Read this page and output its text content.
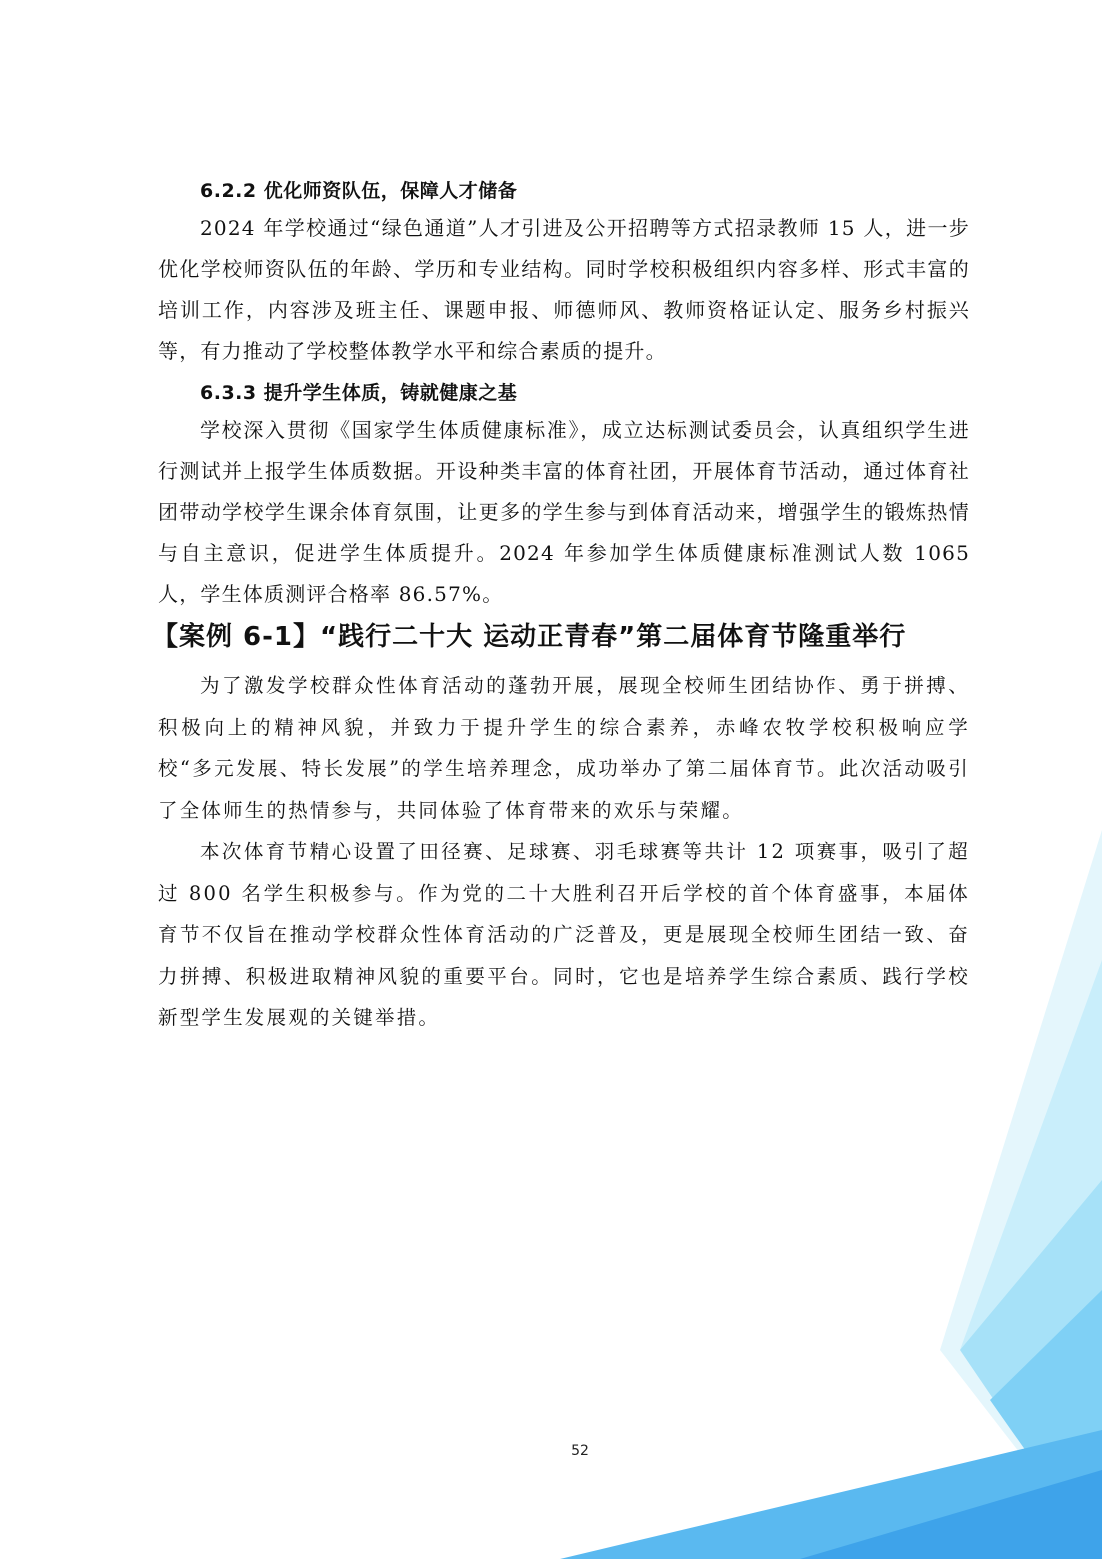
6.2.2 优化师资队伍，保障人才储备

2024 年学校通过“绿色通道”人才引进及公开招聘等方式招录教师 15 人，进一步优化学校师资队伍的年龄、学历和专业结构。同时学校积极组织内容多样、形式丰富的培训工作，内容涉及班主任、课题申报、师德师风、教师资格证认定、服务乡村振兴等，有力推动了学校整体教学水平和综合素质的提升。

6.3.3 提升学生体质，铸就健康之基

学校深入贯彻《国家学生体质健康标准》，成立达标测试委员会，认真组织学生进行测试并上报学生体质数据。开设种类丰富的体育社团，开展体育节活动，通过体育社团带动学校学生课余体育氛围，让更多的学生参与到体育活动来，增强学生的锻炼热情与自主意识，促进学生体质提升。2024 年参加学生体质健康标准测试人数 1065 人，学生体质测评合格率 86.57%。

【案例 6-1】“践行二十大 运动正青春”第二届体育节隆重举行

为了激发学校群众性体育活动的蓬勃开展，展现全校师生团结协作、勇于拼搏、积极向上的精神风貌，并致力于提升学生的综合素养，赤峰农牧学校积极响应学校“多元发展、特长发展”的学生培养理念，成功举办了第二届体育节。此次活动吸引了全体师生的热情参与，共同体验了体育带来的欢乐与荣耀。

本次体育节精心设置了田径赛、足球赛、羽毛球赛等共计 12 项赛事，吸引了超过 800 名学生积极参与。作为党的二十大胜利召开后学校的首个体育盛事，本届体育节不仅旨在推动学校群众性体育活动的广泛普及，更是展现全校师生团结一致、奋力拼搏、积极进取精神风貌的重要平台。同时，它也是培养学生综合素质、践行学校新型学生发展观的关键举措。

52
